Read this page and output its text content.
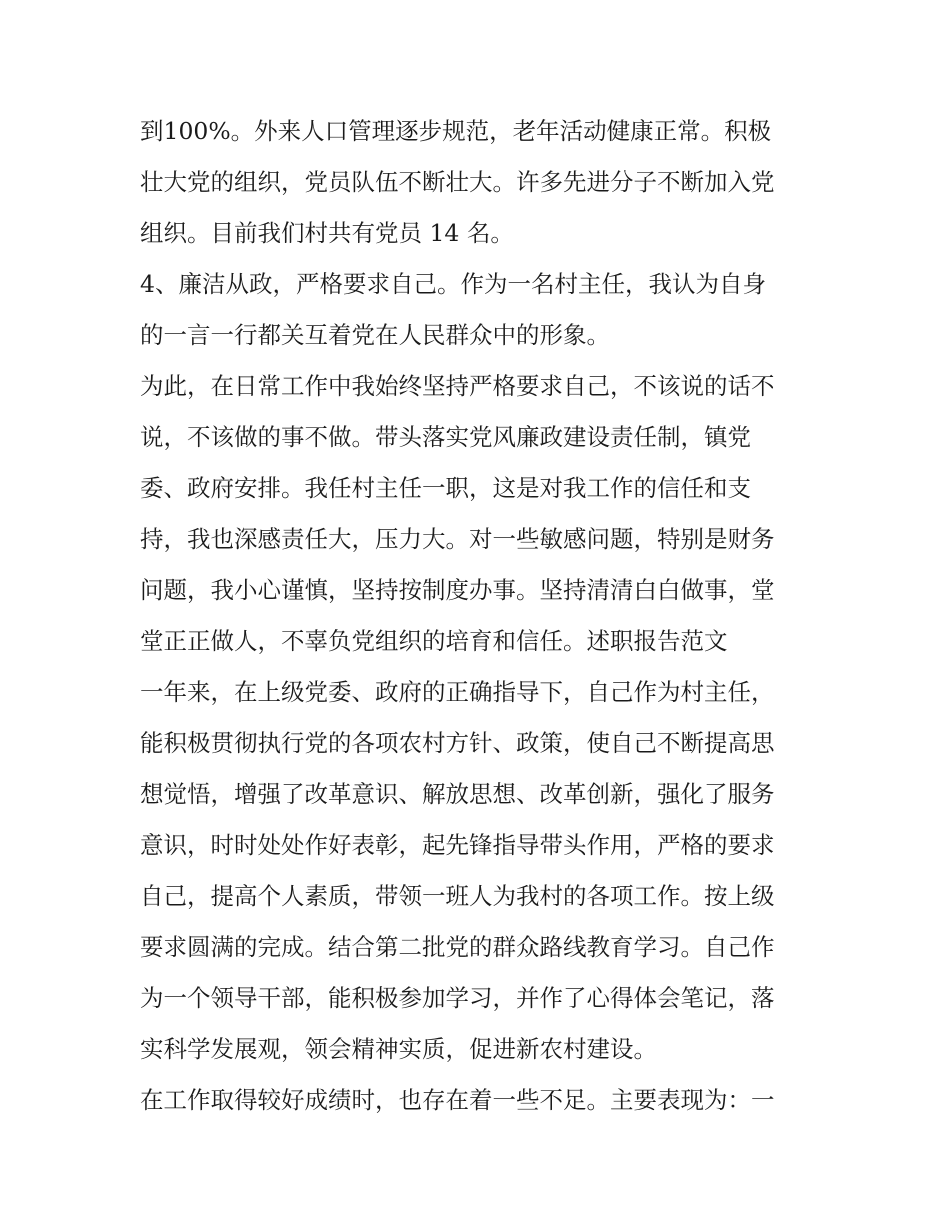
到100%。外来人口管理逐步规范，老年活动健康正常。积极
壮大党的组织，党员队伍不断壮大。许多先进分子不断加入党
组织。目前我们村共有党员 14 名。
4、廉洁从政，严格要求自己。作为一名村主任，我认为自身
的一言一行都关互着党在人民群众中的形象。
为此，在日常工作中我始终坚持严格要求自己，不该说的话不
说，不该做的事不做。带头落实党风廉政建设责任制，镇党
委、政府安排。我任村主任一职，这是对我工作的信任和支
持，我也深感责任大，压力大。对一些敏感问题，特别是财务
问题，我小心谨慎，坚持按制度办事。坚持清清白白做事，堂
堂正正做人，不辜负党组织的培育和信任。述职报告范文
一年来，在上级党委、政府的正确指导下，自己作为村主任，
能积极贯彻执行党的各项农村方针、政策，使自己不断提高思
想觉悟，增强了改革意识、解放思想、改革创新，强化了服务
意识，时时处处作好表彰，起先锋指导带头作用，严格的要求
自己，提高个人素质，带领一班人为我村的各项工作。按上级
要求圆满的完成。结合第二批党的群众路线教育学习。自己作
为一个领导干部，能积极参加学习，并作了心得体会笔记，落
实科学发展观，领会精神实质，促进新农村建设。
在工作取得较好成绩时，也存在着一些不足。主要表现为：一
